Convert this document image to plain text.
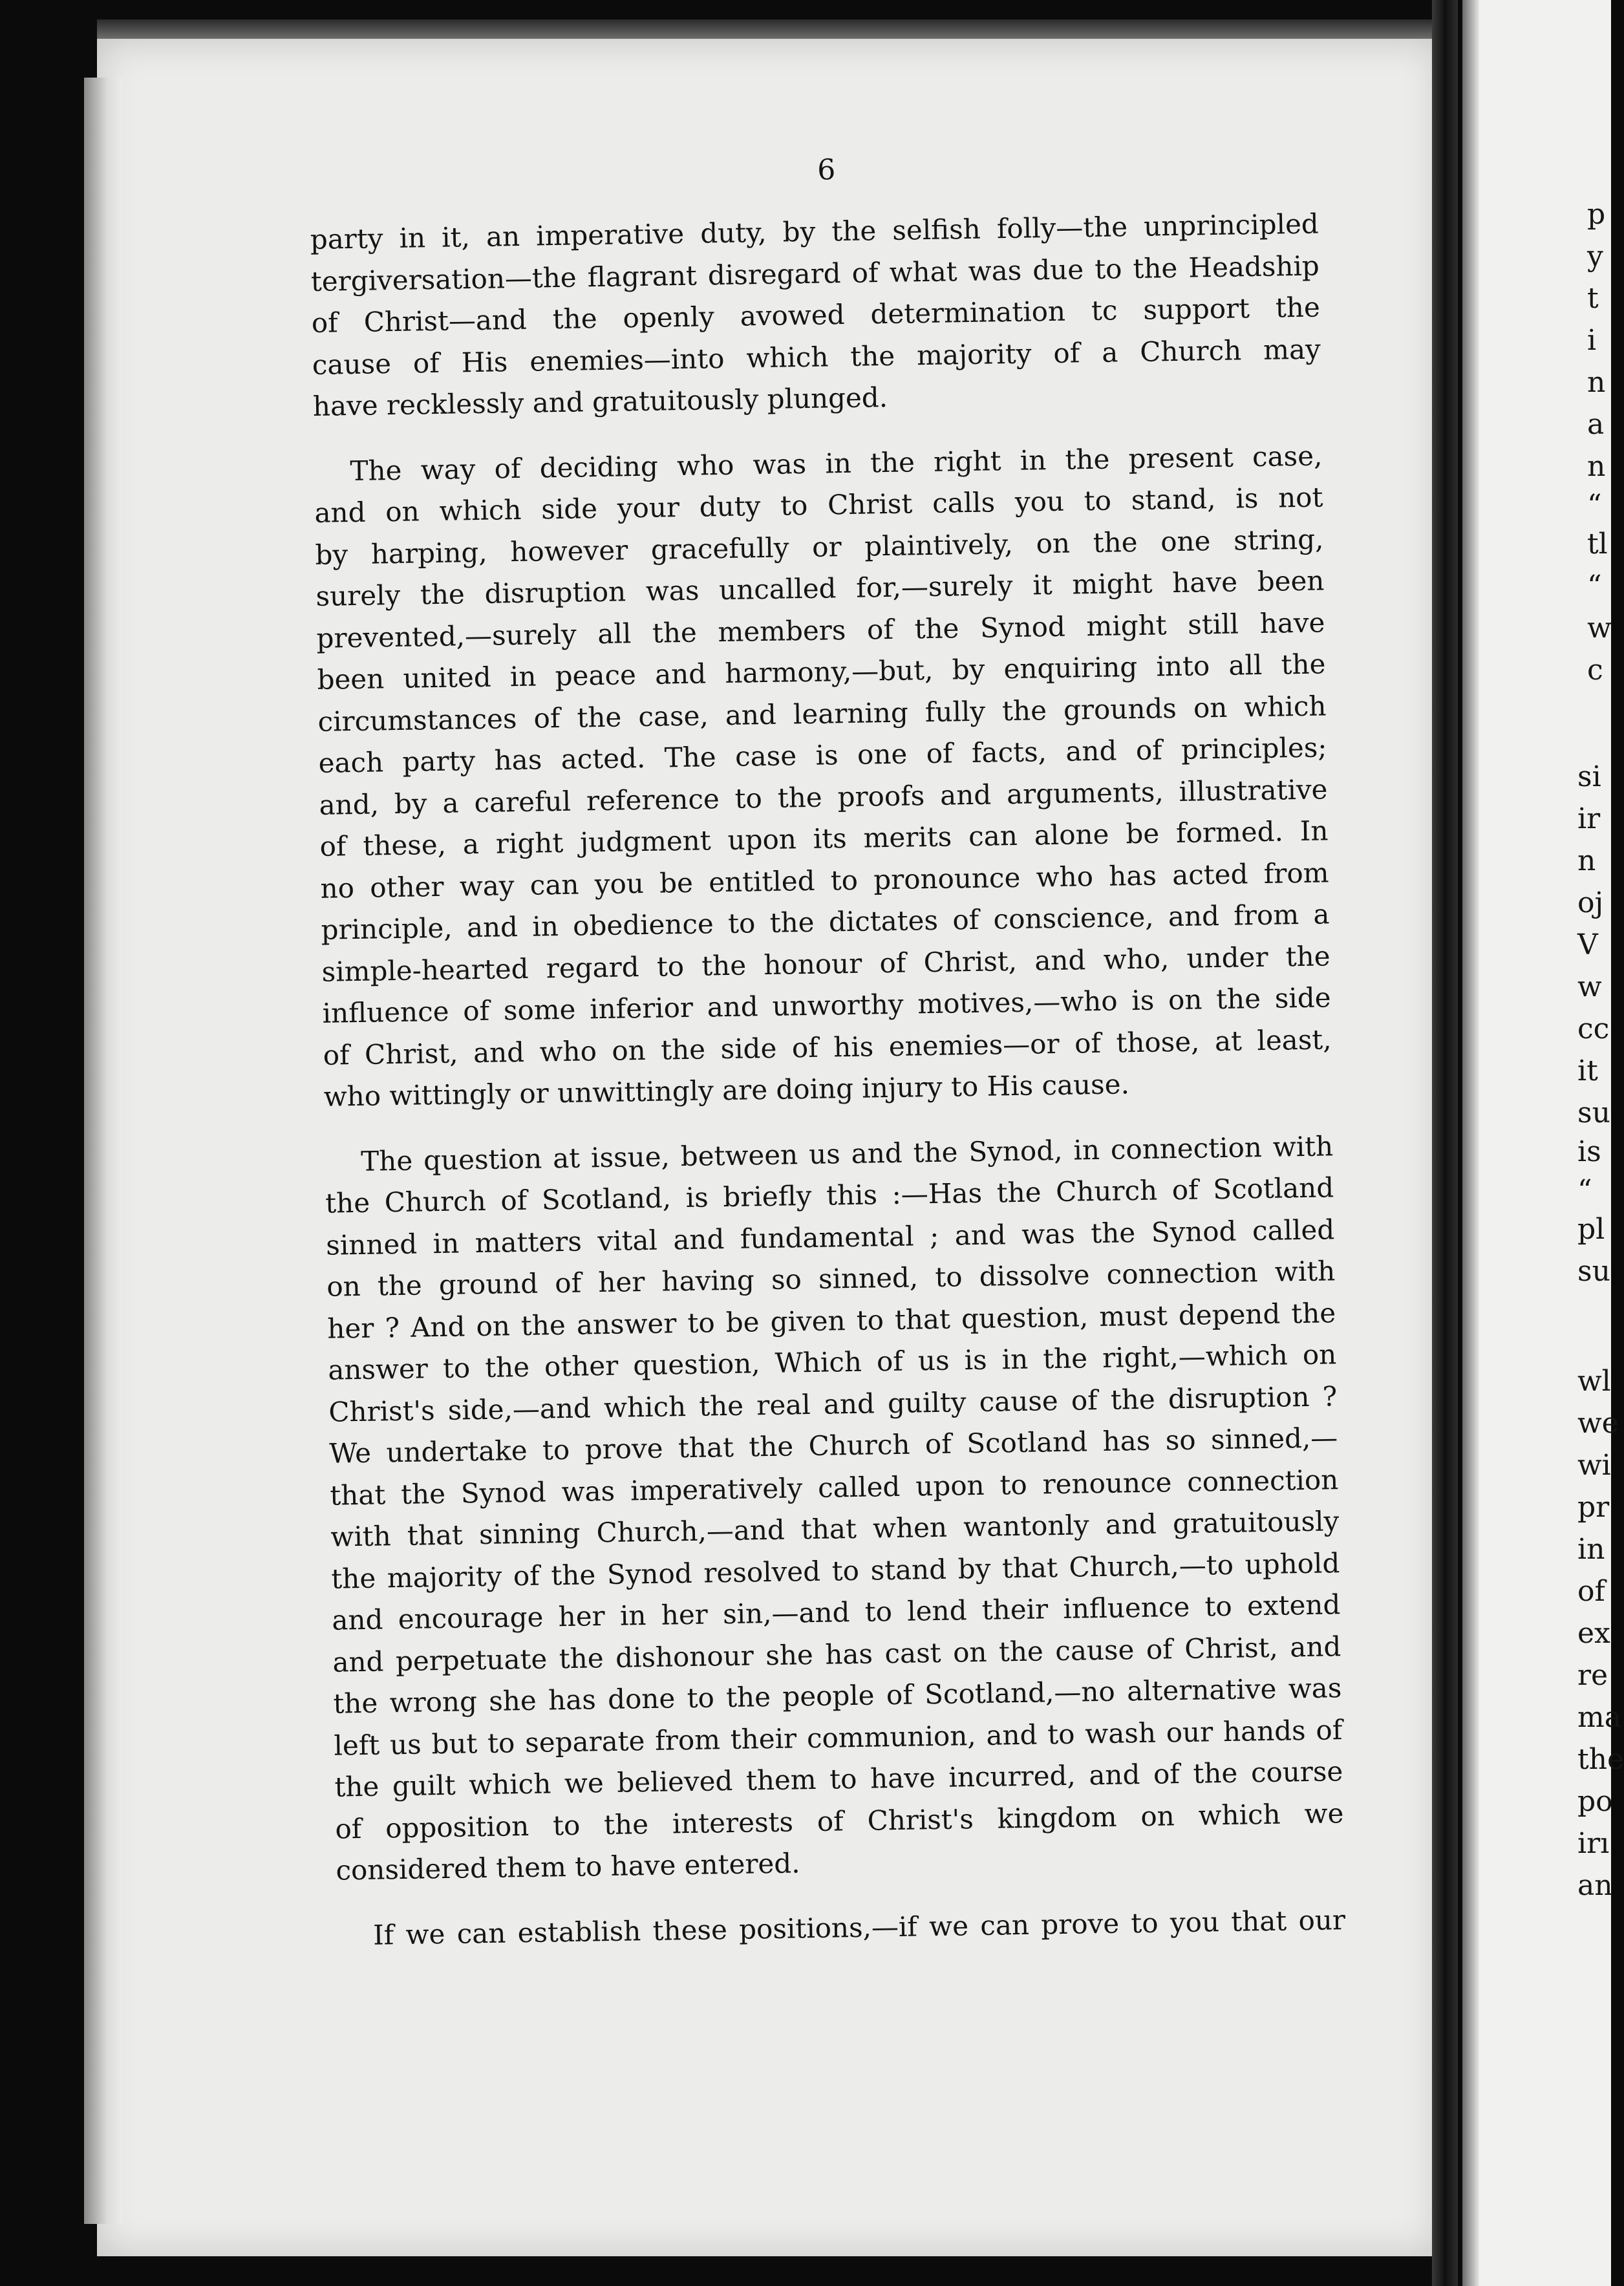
6
party in it, an imperative duty, by the selfish folly—the unprincipled
tergiversation—the flagrant disregard of what was due to the Headship
of Christ—and the openly avowed determination tc support the
cause of His enemies—into which the majority of a Church may
have recklessly and gratuitously plunged.
The way of deciding who was in the right in the present case,
and on which side your duty to Christ calls you to stand, is not
by harping, however gracefully or plaintively, on the one string,
surely the disruption was uncalled for,—surely it might have been
prevented,—surely all the members of the Synod might still have
been united in peace and harmony,—but, by enquiring into all the
circumstances of the case, and learning fully the grounds on which
each party has acted. The case is one of facts, and of principles;
and, by a careful reference to the proofs and arguments, illustrative
of these, a right judgment upon its merits can alone be formed. In
no other way can you be entitled to pronounce who has acted from
principle, and in obedience to the dictates of conscience, and from a
simple-hearted regard to the honour of Christ, and who, under the
influence of some inferior and unworthy motives,—who is on the side
of Christ, and who on the side of his enemies—or of those, at least,
who wittingly or unwittingly are doing injury to His cause.
The question at issue, between us and the Synod, in connection with
the Church of Scotland, is briefly this :—Has the Church of Scotland
sinned in matters vital and fundamental ; and was the Synod called
on the ground of her having so sinned, to dissolve connection with
her ? And on the answer to be given to that question, must depend the
answer to the other question, Which of us is in the right,—which on
Christ's side,—and which the real and guilty cause of the disruption ?
We undertake to prove that the Church of Scotland has so sinned,—
that the Synod was imperatively called upon to renounce connection
with that sinning Church,—and that when wantonly and gratuitously
the majority of the Synod resolved to stand by that Church,—to uphold
and encourage her in her sin,—and to lend their influence to extend
and perpetuate the dishonour she has cast on the cause of Christ, and
the wrong she has done to the people of Scotland,—no alternative was
left us but to separate from their communion, and to wash our hands of
the guilt which we believed them to have incurred, and of the course
of opposition to the interests of Christ's kingdom on which we
considered them to have entered.
If we can establish these positions,—if we can prove to you that our
p
y
t
i
n
a
n
“
tl
“
w
c
si
ir
n
oj
V
w
cc
it
su
is
“
pl
su
wl
we
wi
pr
in
of
ex
re
ma
the
po
irı
an
